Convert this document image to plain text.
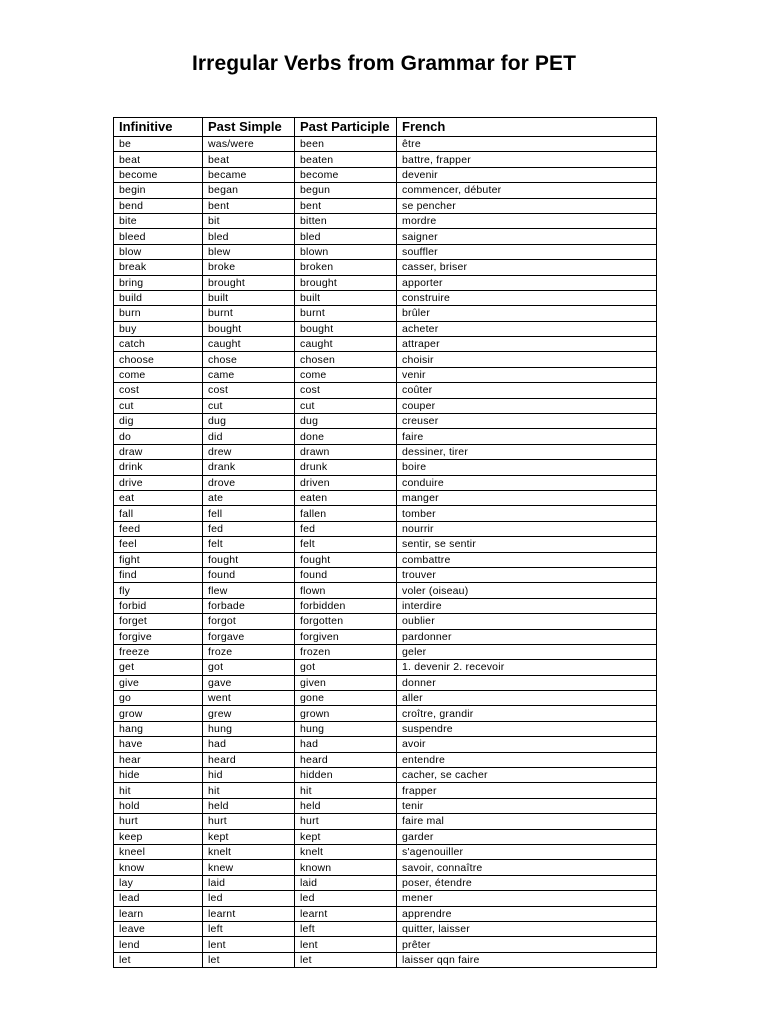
Irregular Verbs from Grammar for PET
Infinitive	Past Simple	Past Participle	French
be	was/were	been	être
beat	beat	beaten	battre, frapper
become	became	become	devenir
begin	began	begun	commencer, débuter
bend	bent	bent	se pencher
bite	bit	bitten	mordre
bleed	bled	bled	saigner
blow	blew	blown	souffler
break	broke	broken	casser, briser
bring	brought	brought	apporter
build	built	built	construire
burn	burnt	burnt	brûler
buy	bought	bought	acheter
catch	caught	caught	attraper
choose	chose	chosen	choisir
come	came	come	venir
cost	cost	cost	coûter
cut	cut	cut	couper
dig	dug	dug	creuser
do	did	done	faire
draw	drew	drawn	dessiner, tirer
drink	drank	drunk	boire
drive	drove	driven	conduire
eat	ate	eaten	manger
fall	fell	fallen	tomber
feed	fed	fed	nourrir
feel	felt	felt	sentir, se sentir
fight	fought	fought	combattre
find	found	found	trouver
fly	flew	flown	voler (oiseau)
forbid	forbade	forbidden	interdire
forget	forgot	forgotten	oublier
forgive	forgave	forgiven	pardonner
freeze	froze	frozen	geler
get	got	got	1. devenir 2. recevoir
give	gave	given	donner
go	went	gone	aller
grow	grew	grown	croître, grandir
hang	hung	hung	suspendre
have	had	had	avoir
hear	heard	heard	entendre
hide	hid	hidden	cacher, se cacher
hit	hit	hit	frapper
hold	held	held	tenir
hurt	hurt	hurt	faire mal
keep	kept	kept	garder
kneel	knelt	knelt	s'agenouiller
know	knew	known	savoir, connaître
lay	laid	laid	poser, étendre
lead	led	led	mener
learn	learnt	learnt	apprendre
leave	left	left	quitter, laisser
lend	lent	lent	prêter
let	let	let	laisser qqn faire
